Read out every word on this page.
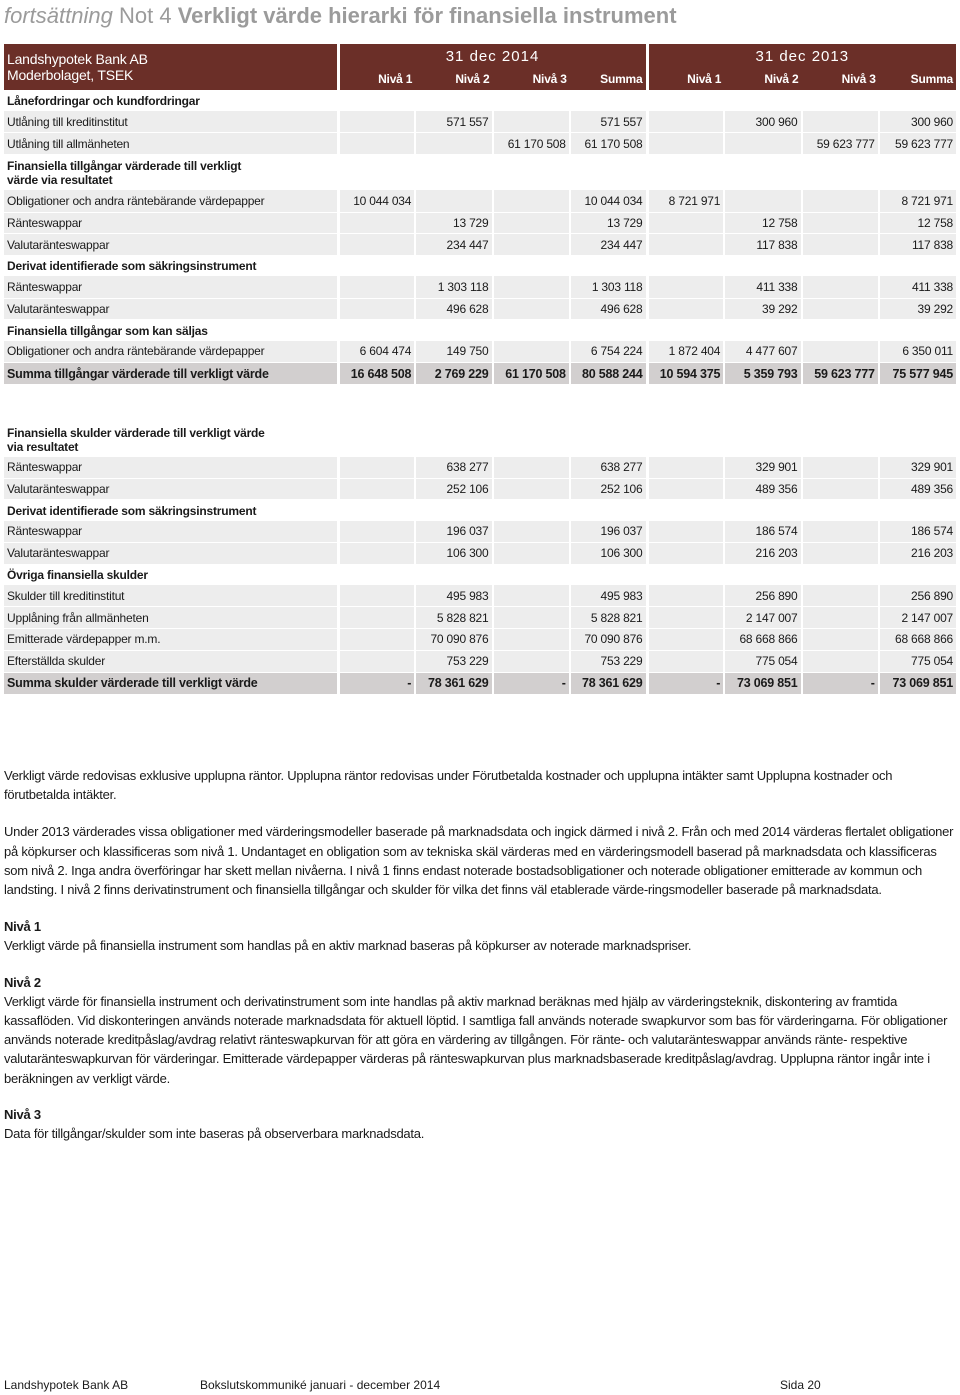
fortsättning Not 4 Verkligt värde hierarki för finansiella instrument
Landshypotek Bank AB
Moderbolaget, TSEK	31 dec 2014				31 dec 2013			
	Nivå 1	Nivå 2	Nivå 3	Summa	Nivå 1	Nivå 2	Nivå 3	Summa
Lånefordringar och kundfordringar								
Utlåning till kreditinstitut		571 557		571 557		300 960		300 960
Utlåning till allmänheten			61 170 508	61 170 508			59 623 777	59 623 777

Finansiella tillgångar värderade till verkligt
värde via resultatet								

Obligationer och andra räntebärande värdepapper	10 044 034			10 044 034	8 721 971			8 721 971
Ränteswappar		13 729		13 729		12 758		12 758
Valutaränteswappar		234 447		234 447		117 838		117 838
Derivat identifierade som säkringsinstrument								
Ränteswappar		1 303 118		1 303 118		411 338		411 338
Valutaränteswappar		496 628		496 628		39 292		39 292
Finansiella tillgångar som kan säljas								
Obligationer och andra räntebärande värdepapper	6 604 474	149 750		6 754 224	1 872 404	4 477 607		6 350 011
Summa tillgångar värderade till verkligt värde	16 648 508	2 769 229	61 170 508	80 588 244	10 594 375	5 359 793	59 623 777	75 577 945

Finansiella skulder värderade till verkligt värde
via resultatet								

Ränteswappar		638 277		638 277		329 901		329 901
Valutaränteswappar		252 106		252 106		489 356		489 356
Derivat identifierade som säkringsinstrument								
Ränteswappar		196 037		196 037		186 574		186 574
Valutaränteswappar		106 300		106 300		216 203		216 203
Övriga finansiella skulder								
Skulder till kreditinstitut		495 983		495 983		256 890		256 890
Upplåning från allmänheten		5 828 821		5 828 821		2 147 007		2 147 007
Emitterade värdepapper m.m.		70 090 876		70 090 876		68 668 866		68 668 866
Efterställda skulder		753 229		753 229		775 054		775 054
Summa skulder värderade till verkligt värde	-	78 361 629	-	78 361 629	-	73 069 851	-	73 069 851

Verkligt värde redovisas exklusive upplupna räntor. Upplupna räntor redovisas under Förutbetalda kostnader och upplupna intäkter samt Upplupna kostnader och förutbetalda intäkter.

Under 2013 värderades vissa obligationer med värderingsmodeller baserade på marknadsdata och ingick därmed i nivå 2. Från och med 2014 värderas flertalet obligationer på köpkurser och klassificeras som nivå 1. Undantaget en obligation som av tekniska skäl värderas med en värderingsmodell baserad på marknadsdata och klassificeras som nivå 2. Inga andra överföringar har skett mellan nivåerna. I nivå 1 finns endast noterade bostadsobligationer och noterade obligationer emitterade av kommun och landsting. I nivå 2 finns derivatinstrument och finansiella tillgångar och skulder för vilka det finns väl etablerade värde-ringsmodeller baserade på marknadsdata.

Nivå 1
Verkligt värde på finansiella instrument som handlas på en aktiv marknad baseras på köpkurser av noterade marknadspriser.
Nivå 2
Verkligt värde för finansiella instrument och derivatinstrument som inte handlas på aktiv marknad beräknas med hjälp av värderingsteknik, diskontering av framtida kassaflöden. Vid diskonteringen används noterade marknadsdata för aktuell löptid. I samtliga fall används noterade swapkurvor som bas för värderingarna. För obligationer används noterade kreditpåslag/avdrag relativt ränteswapkurvan för att göra en värdering av tillgången. För ränte- och valutaränteswappar används ränte- respektive valutaränteswapkurvan för värderingar. Emitterade värdepapper värderas på ränteswapkurvan plus marknadsbaserade kreditpåslag/avdrag. Upplupna räntor ingår inte i beräkningen av verkligt värde.
Nivå 3
Data för tillgångar/skulder som inte baseras på observerbara marknadsdata.
Landshypotek Bank AB	Bokslutskommuniké januari - december 2014	Sida 20
